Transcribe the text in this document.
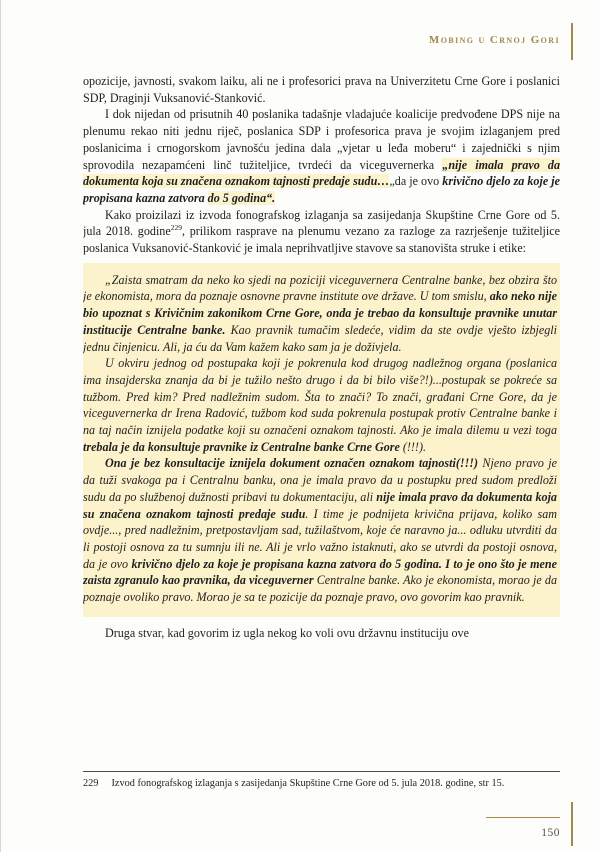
Mobing u Crnoj Gori

opozicije, javnosti, svakom laiku, ali ne i profesorici prava na Univerzitetu Crne Gore i poslanici SDP, Draginji Vuksanović-Stanković.

I dok nijedan od prisutnih 40 poslanika tadašnje vladajuće koalicije predvođene DPS nije na plenumu rekao niti jednu riječ, poslanica SDP i profesorica prava je svojim izlaganjem pred poslanicima i crnogorskom javnošću jedina dala „vjetar u leđa moberu“ i zajednički s njim sprovodila nezapamćeni linč tužiteljice, tvrdeći da viceguvernerka „nije imala pravo da dokumenta koja su značena oznakom tajnosti predaje sudu…„da je ovo krivično djelo za koje je propisana kazna zatvora do 5 godina“.

Kako proizilazi iz izvoda fonografskog izlaganja sa zasijedanja Skupštine Crne Gore od 5. jula 2018. godine$^{229}$, prilikom rasprave na plenumu vezano za razloge za razrješenje tužiteljice poslanica Vuksanović-Stanković je imala neprihvatljive stavove sa stanovišta struke i etike:

„Zaista smatram da neko ko sjedi na poziciji viceguvernera Centralne banke, bez obzira što je ekonomista, mora da poznaje osnovne pravne institute ove države. U tom smislu, ako neko nije bio upoznat s Krivičnim zakonikom Crne Gore, onda je trebao da konsultuje pravnike unutar institucije Centralne banke. Kao pravnik tumačim sledeće, vidim da ste ovdje vješto izbjegli jednu činjenicu. Ali, ja ću da Vam kažem kako sam ja je doživjela.

U okviru jednog od postupaka koji je pokrenula kod drugog nadležnog organa (poslanica ima insajderska znanja da bi je tužilo nešto drugo i da bi bilo više?!)...postupak se pokreće sa tužbom. Pred kim? Pred nadležnim sudom. Šta to znači? To znači, građani Crne Gore, da je viceguvernerka dr Irena Radović, tužbom kod suda pokrenula postupak protiv Centralne banke i na taj način iznijela podatke koji su označeni oznakom tajnosti. Ako je imala dilemu u vezi toga trebala je da konsultuje pravnike iz Centralne banke Crne Gore (!!!).

Ona je bez konsultacije iznijela dokument označen oznakom tajnosti(!!!) Njeno pravo je da tuži svakoga pa i Centralnu banku, ona je imala pravo da u postupku pred sudom predloži sudu da po službenoj dužnosti pribavi tu dokumentaciju, ali nije imala pravo da dokumenta koja su značena oznakom tajnosti predaje sudu. I time je podnijeta krivična prijava, koliko sam ovdje..., pred nadležnim, pretpostavljam sad, tužilaštvom, koje će naravno ja... odluku utvrditi da li postoji osnova za tu sumnju ili ne. Ali je vrlo važno istaknuti, ako se utvrdi da postoji osnova, da je ovo krivično djelo za koje je propisana kazna zatvora do 5 godina. I to je ono što je mene zaista zgranulo kao pravnika, da viceguverner Centralne banke. Ako je ekonomista, morao je da poznaje ovoliko pravo. Morao je sa te pozicije da poznaje pravo, ovo govorim kao pravnik.

Druga stvar, kad govorim iz ugla nekog ko voli ovu državnu instituciju ove

229 Izvod fonografskog izlaganja s zasijedanja Skupštine Crne Gore od 5. jula 2018. godine, str 15.

150
